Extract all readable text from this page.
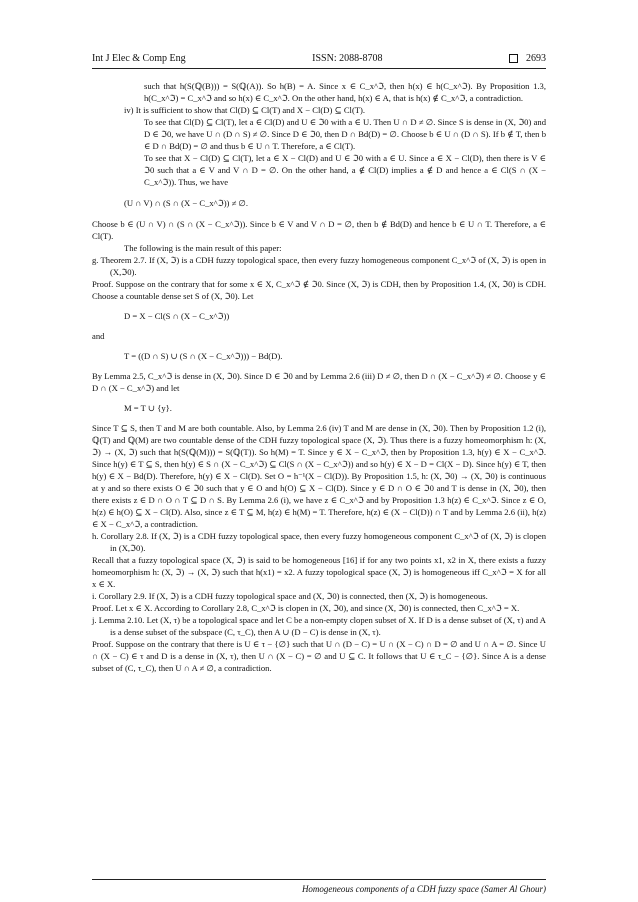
Int J Elec & Comp Eng	ISSN: 2088-8708	2693

such that h(S(ℚ(B))) = S(ℚ(A)). So h(B) = A. Since x ∈ C_x^ℑ, then h(x) ∈ h(C_x^ℑ). By Proposition 1.3, h(C_x^ℑ) = C_x^ℑ and so h(x) ∈ C_x^ℑ. On the other hand, h(x) ∈ A, that is h(x) ∉ C_x^ℑ, a contradiction.

iv) It is sufficient to show that Cl(D) ⊆ Cl(T) and X − Cl(D) ⊆ Cl(T).

To see that Cl(D) ⊆ Cl(T), let a ∈ Cl(D) and U ∈ ℑ0 with a ∈ U. Then U ∩ D ≠ ∅. Since S is dense in (X, ℑ0) and D ∈ ℑ0, we have U ∩ (D ∩ S) ≠ ∅. Since D ∈ ℑ0, then D ∩ Bd(D) = ∅. Choose b ∈ U ∩ (D ∩ S). If b ∉ T, then b ∈ D ∩ Bd(D) = ∅ and thus b ∈ U ∩ T. Therefore, a ∈ Cl(T).

To see that X − Cl(D) ⊆ Cl(T), let a ∈ X − Cl(D) and U ∈ ℑ0 with a ∈ U. Since a ∈ X − Cl(D), then there is V ∈ ℑ0 such that a ∈ V and V ∩ D = ∅. On the other hand, a ∉ Cl(D) implies a ∉ D and hence a ∈ Cl(S ∩ (X − C_x^ℑ)). Thus, we have

(U ∩ V) ∩ (S ∩ (X − C_x^ℑ)) ≠ ∅.

Choose b ∈ (U ∩ V) ∩ (S ∩ (X − C_x^ℑ)). Since b ∈ V and V ∩ D = ∅, then b ∉ Bd(D) and hence b ∈ U ∩ T. Therefore, a ∈ Cl(T).

The following is the main result of this paper:

g. Theorem 2.7. If (X, ℑ) is a CDH fuzzy topological space, then every fuzzy homogeneous component C_x^ℑ of (X, ℑ) is open in (X,ℑ0).

Proof. Suppose on the contrary that for some x ∈ X, C_x^ℑ ∉ ℑ0. Since (X, ℑ) is CDH, then by Proposition 1.4, (X, ℑ0) is CDH. Choose a countable dense set S of (X, ℑ0). Let

D = X − Cl(S ∩ (X − C_x^ℑ))

and

T = ((D ∩ S) ∪ (S ∩ (X − C_x^ℑ))) − Bd(D).

By Lemma 2.5, C_x^ℑ is dense in (X, ℑ0). Since D ∈ ℑ0 and by Lemma 2.6 (iii) D ≠ ∅, then D ∩ (X − C_x^ℑ) ≠ ∅. Choose y ∈ D ∩ (X − C_x^ℑ) and let

M = T ∪ {y}.

Since T ⊆ S, then T and M are both countable. Also, by Lemma 2.6 (iv) T and M are dense in (X, ℑ0). Then by Proposition 1.2 (i), ℚ(T) and ℚ(M) are two countable dense of the CDH fuzzy topological space (X, ℑ). Thus there is a fuzzy homeomorphism h: (X, ℑ) → (X, ℑ) such that h(S(ℚ(M))) = S(ℚ(T)). So h(M) = T. Since y ∈ X − C_x^ℑ, then by Proposition 1.3, h(y) ∈ X − C_x^ℑ. Since h(y) ∈ T ⊆ S, then h(y) ∈ S ∩ (X − C_x^ℑ) ⊆ Cl(S ∩ (X − C_x^ℑ)) and so h(y) ∈ X − D = Cl(X − D). Since h(y) ∈ T, then h(y) ∈ X − Bd(D). Therefore, h(y) ∈ X − Cl(D). Set O = h⁻¹(X − Cl(D)). By Proposition 1.5, h: (X, ℑ0) → (X, ℑ0) is continuous at y and so there exists O ∈ ℑ0 such that y ∈ O and h(O) ⊆ X − Cl(D). Since y ∈ D ∩ O ∈ ℑ0 and T is dense in (X, ℑ0), then there exists z ∈ D ∩ O ∩ T ⊆ D ∩ S. By Lemma 2.6 (i), we have z ∈ C_x^ℑ and by Proposition 1.3 h(z) ∈ C_x^ℑ. Since z ∈ O, h(z) ∈ h(O) ⊆ X − Cl(D). Also, since z ∈ T ⊆ M, h(z) ∈ h(M) = T. Therefore, h(z) ∈ (X − Cl(D)) ∩ T and by Lemma 2.6 (ii), h(z) ∈ X − C_x^ℑ, a contradiction.

h. Corollary 2.8. If (X, ℑ) is a CDH fuzzy topological space, then every fuzzy homogeneous component C_x^ℑ of (X, ℑ) is clopen in (X,ℑ0).

Recall that a fuzzy topological space (X, ℑ) is said to be homogeneous [16] if for any two points x1, x2 in X, there exists a fuzzy homeomorphism h: (X, ℑ) → (X, ℑ) such that h(x1) = x2. A fuzzy topological space (X, ℑ) is homogeneous iff C_x^ℑ = X for all x ∈ X.

i. Corollary 2.9. If (X, ℑ) is a CDH fuzzy topological space and (X, ℑ0) is connected, then (X, ℑ) is homogeneous.

Proof. Let x ∈ X. According to Corollary 2.8, C_x^ℑ is clopen in (X, ℑ0), and since (X, ℑ0) is connected, then C_x^ℑ = X.

j. Lemma 2.10. Let (X, τ) be a topological space and let C be a non-empty clopen subset of X. If D is a dense subset of (X, τ) and A is a dense subset of the subspace (C, τ_C), then A ∪ (D − C) is dense in (X, τ).

Proof. Suppose on the contrary that there is U ∈ τ − {∅} such that U ∩ (D − C) = U ∩ (X − C) ∩ D = ∅ and U ∩ A = ∅. Since U ∩ (X − C) ∈ τ and D is a dense in (X, τ), then U ∩ (X − C) = ∅ and U ⊆ C. It follows that U ∈ τ_C − {∅}. Since A is a dense subset of (C, τ_C), then U ∩ A ≠ ∅, a contradiction.

Homogeneous components of a CDH fuzzy space (Samer Al Ghour)
